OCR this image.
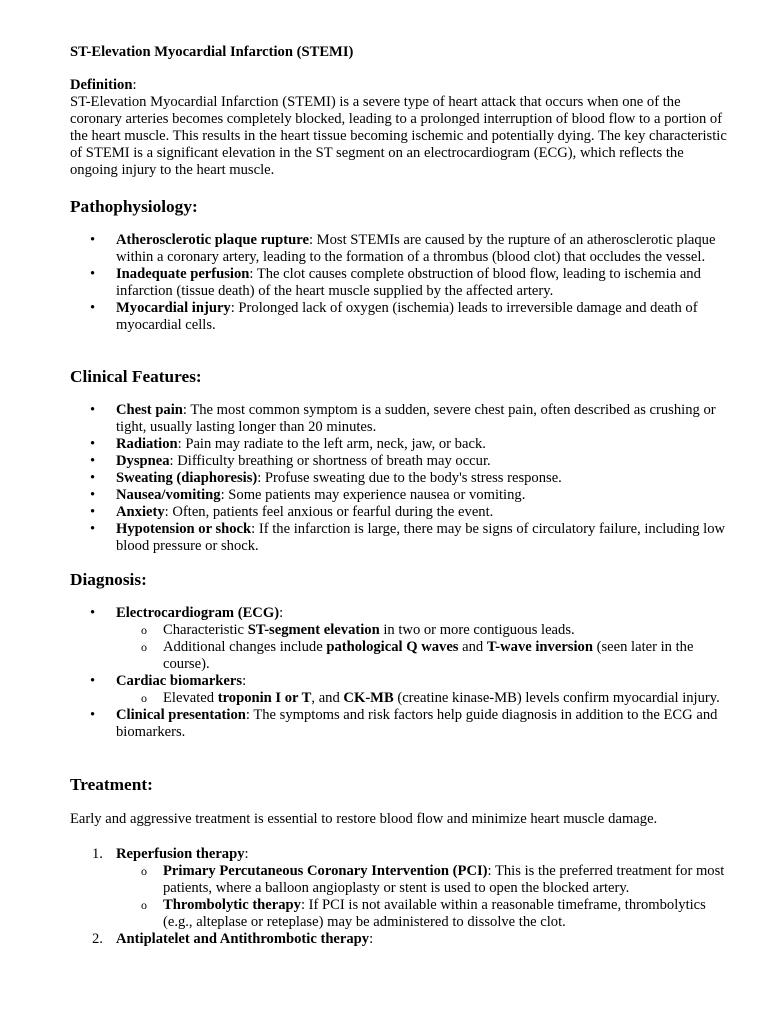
ST-Elevation Myocardial Infarction (STEMI)
Definition:
ST-Elevation Myocardial Infarction (STEMI) is a severe type of heart attack that occurs when one of the coronary arteries becomes completely blocked, leading to a prolonged interruption of blood flow to a portion of the heart muscle. This results in the heart tissue becoming ischemic and potentially dying. The key characteristic of STEMI is a significant elevation in the ST segment on an electrocardiogram (ECG), which reflects the ongoing injury to the heart muscle.
Pathophysiology:
• Atherosclerotic plaque rupture: Most STEMIs are caused by the rupture of an atherosclerotic plaque within a coronary artery, leading to the formation of a thrombus (blood clot) that occludes the vessel.
• Inadequate perfusion: The clot causes complete obstruction of blood flow, leading to ischemia and infarction (tissue death) of the heart muscle supplied by the affected artery.
• Myocardial injury: Prolonged lack of oxygen (ischemia) leads to irreversible damage and death of myocardial cells.
Clinical Features:
• Chest pain: The most common symptom is a sudden, severe chest pain, often described as crushing or tight, usually lasting longer than 20 minutes.
• Radiation: Pain may radiate to the left arm, neck, jaw, or back.
• Dyspnea: Difficulty breathing or shortness of breath may occur.
• Sweating (diaphoresis): Profuse sweating due to the body's stress response.
• Nausea/vomiting: Some patients may experience nausea or vomiting.
• Anxiety: Often, patients feel anxious or fearful during the event.
• Hypotension or shock: If the infarction is large, there may be signs of circulatory failure, including low blood pressure or shock.
Diagnosis:
• Electrocardiogram (ECG):
o Characteristic ST-segment elevation in two or more contiguous leads.
o Additional changes include pathological Q waves and T-wave inversion (seen later in the course).
• Cardiac biomarkers:
o Elevated troponin I or T, and CK-MB (creatine kinase-MB) levels confirm myocardial injury.
• Clinical presentation: The symptoms and risk factors help guide diagnosis in addition to the ECG and biomarkers.
Treatment:
Early and aggressive treatment is essential to restore blood flow and minimize heart muscle damage.
1. Reperfusion therapy:
o Primary Percutaneous Coronary Intervention (PCI): This is the preferred treatment for most patients, where a balloon angioplasty or stent is used to open the blocked artery.
o Thrombolytic therapy: If PCI is not available within a reasonable timeframe, thrombolytics (e.g., alteplase or reteplase) may be administered to dissolve the clot.
2. Antiplatelet and Antithrombotic therapy:
